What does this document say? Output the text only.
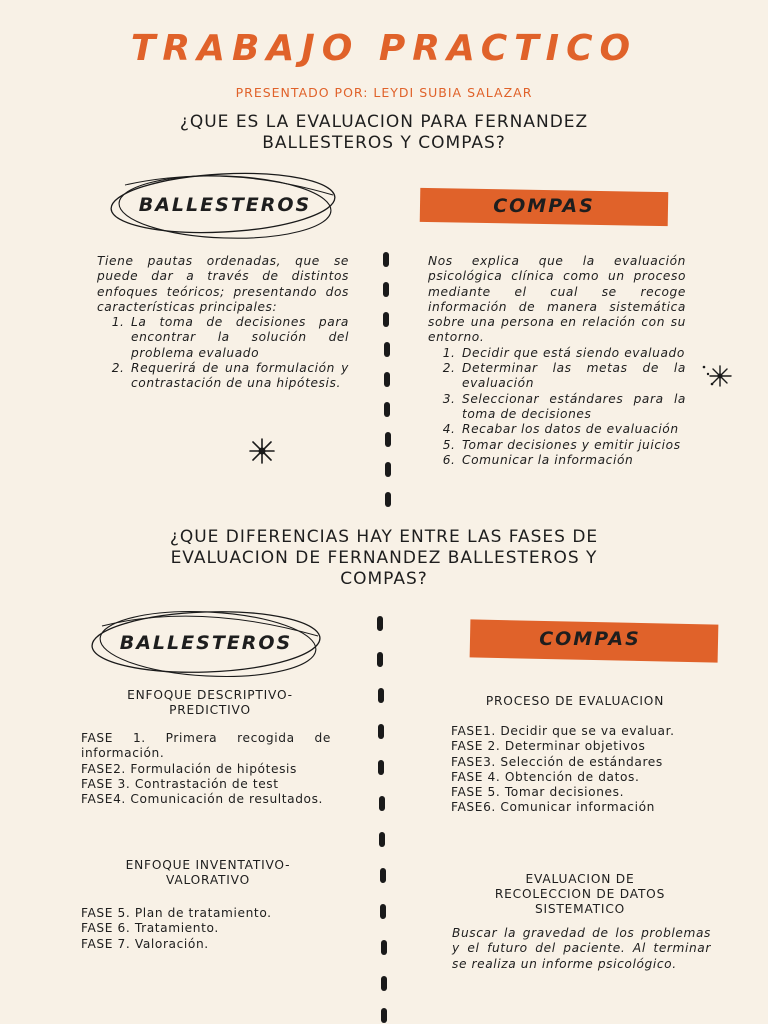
TRABAJO PRACTICO
PRESENTADO POR: LEYDI SUBIA SALAZAR
¿QUE ES LA EVALUACION PARA FERNANDEZ
BALLESTEROS Y COMPAS?
BALLESTEROS	COMPAS

Tiene pautas ordenadas, que se puede dar a través de distintos enfoques teóricos; presentando dos características principales:

1. La toma de decisiones para encontrar la solución del problema evaluado
2. Requerirá de una formulación y contrastación de una hipótesis.

Nos explica que la evaluación psicológica clínica como un proceso mediante el cual se recoge información de manera sistemática sobre una persona en relación con su entorno.

1. Decidir que está siendo evaluado
2. Determinar las metas de la evaluación
3. Seleccionar estándares para la toma de decisiones
4. Recabar los datos de evaluación
5. Tomar decisiones y emitir juicios
6. Comunicar la información
¿QUE DIFERENCIAS HAY ENTRE LAS FASES DE
EVALUACION DE FERNANDEZ BALLESTEROS Y
COMPAS?
BALLESTEROS	COMPAS
ENFOQUE DESCRIPTIVO-
PREDICTIVO

FASE 1. Primera recogida de información.

FASE2. Formulación de hipótesis

FASE 3. Contrastación de test

FASE4. Comunicación de resultados.

ENFOQUE INVENTATIVO-
VALORATIVO

FASE 5. Plan de tratamiento.

FASE 6. Tratamiento.

FASE 7. Valoración.

PROCESO DE EVALUACION

FASE1. Decidir que se va evaluar.

FASE 2. Determinar objetivos

FASE3. Selección de estándares

FASE 4. Obtención de datos.

FASE 5. Tomar decisiones.

FASE6. Comunicar información

EVALUACION DE
RECOLECCION DE DATOS
SISTEMATICO
Buscar la gravedad de los problemas y el futuro del paciente. Al terminar se realiza un informe psicológico.
